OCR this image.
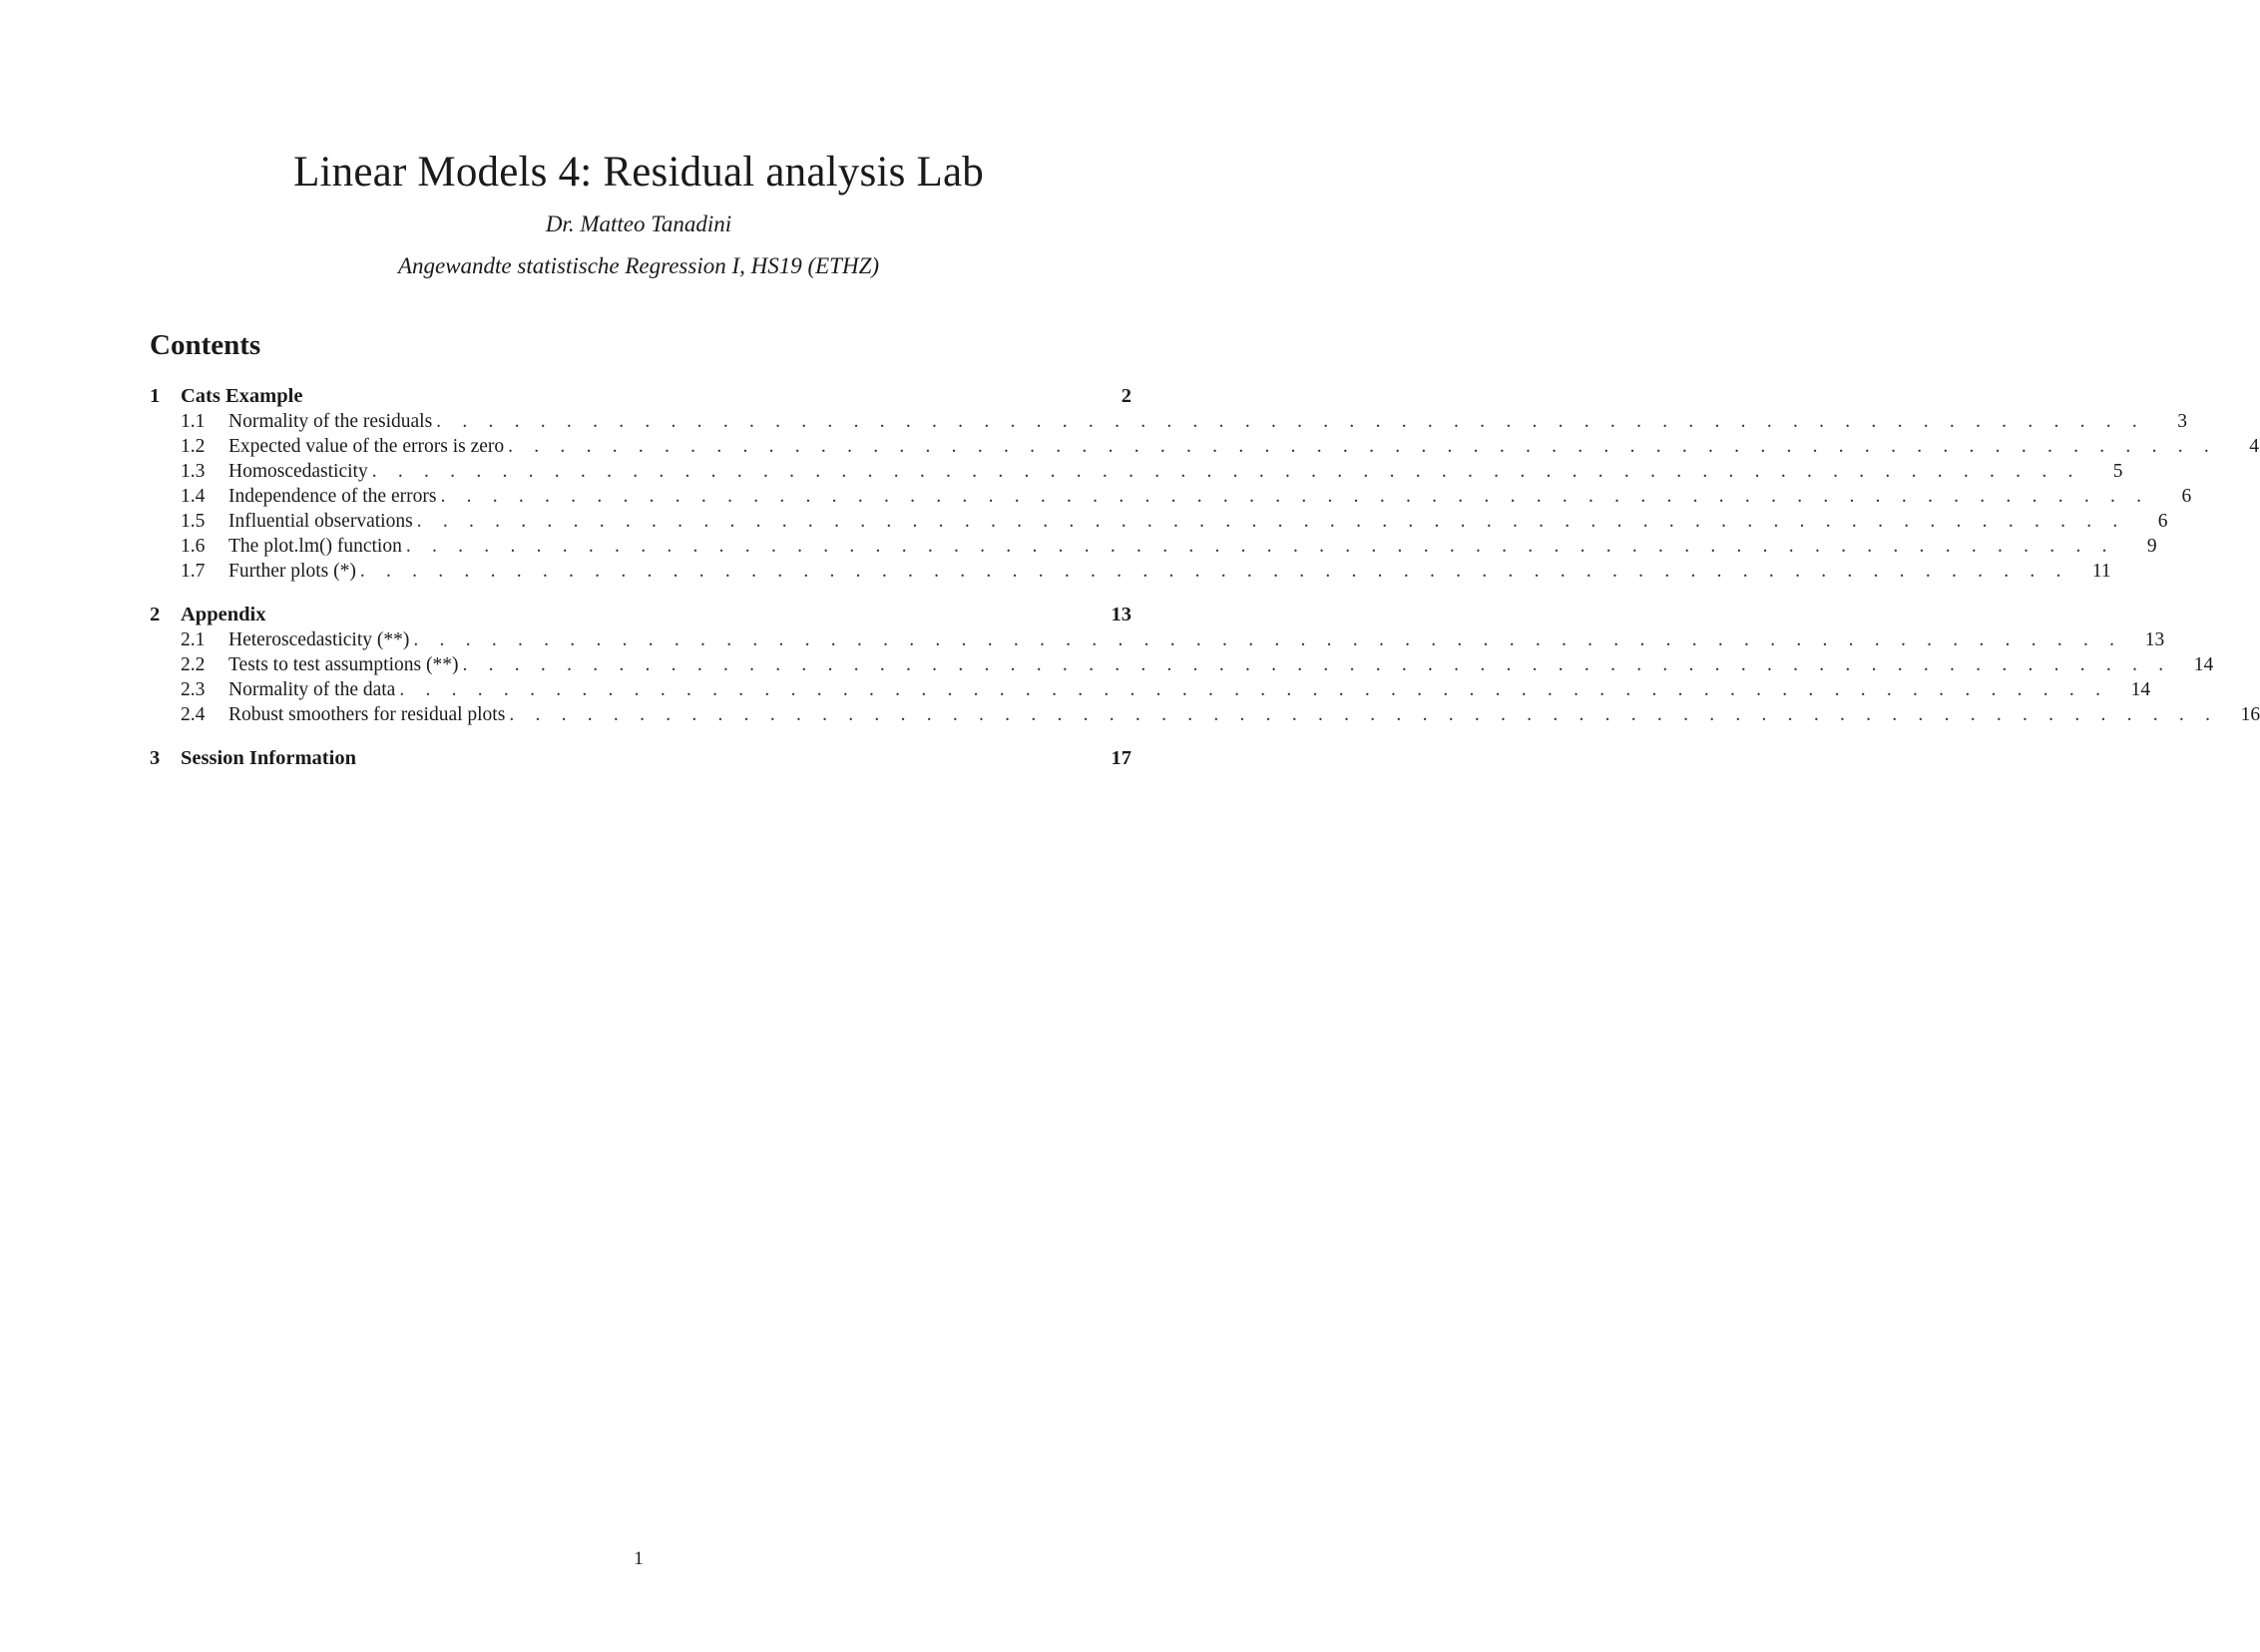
Linear Models 4: Residual analysis Lab
Dr. Matteo Tanadini
Angewandte statistische Regression I, HS19 (ETHZ)
Contents
1	Cats Example	2
1.1	Normality of the residuals . . . . . . . . . . . . . . . . . . . . . . . . . . . . . . . . . . . . . . . . . . . . . . . . . . . . . . . . . . . . . . . . . .	3
1.2	Expected value of the errors is zero . . . . . . . . . . . . . . . . . . . . . . . . . . . . . . . . . . . . . . . . . . . . . . . . . . . . . . . . . . . . . . . . . .	4
1.3	Homoscedasticity . . . . . . . . . . . . . . . . . . . . . . . . . . . . . . . . . . . . . . . . . . . . . . . . . . . . . . . . . . . . . . . . . .	5
1.4	Independence of the errors . . . . . . . . . . . . . . . . . . . . . . . . . . . . . . . . . . . . . . . . . . . . . . . . . . . . . . . . . . . . . . . . . .	6
1.5	Influential observations . . . . . . . . . . . . . . . . . . . . . . . . . . . . . . . . . . . . . . . . . . . . . . . . . . . . . . . . . . . . . . . . . .	6
1.6	The plot.lm() function . . . . . . . . . . . . . . . . . . . . . . . . . . . . . . . . . . . . . . . . . . . . . . . . . . . . . . . . . . . . . . . . . .	9
1.7	Further plots (*) . . . . . . . . . . . . . . . . . . . . . . . . . . . . . . . . . . . . . . . . . . . . . . . . . . . . . . . . . . . . . . . . . .	11
2	Appendix	13
2.1	Heteroscedasticity (**) . . . . . . . . . . . . . . . . . . . . . . . . . . . . . . . . . . . . . . . . . . . . . . . . . . . . . . . . . . . . . . . . . .	13
2.2	Tests to test assumptions (**) . . . . . . . . . . . . . . . . . . . . . . . . . . . . . . . . . . . . . . . . . . . . . . . . . . . . . . . . . . . . . . . . . .	14
2.3	Normality of the data . . . . . . . . . . . . . . . . . . . . . . . . . . . . . . . . . . . . . . . . . . . . . . . . . . . . . . . . . . . . . . . . . .	14
2.4	Robust smoothers for residual plots . . . . . . . . . . . . . . . . . . . . . . . . . . . . . . . . . . . . . . . . . . . . . . . . . . . . . . . . . . . . . . . . . .	16
3	Session Information	17
1
